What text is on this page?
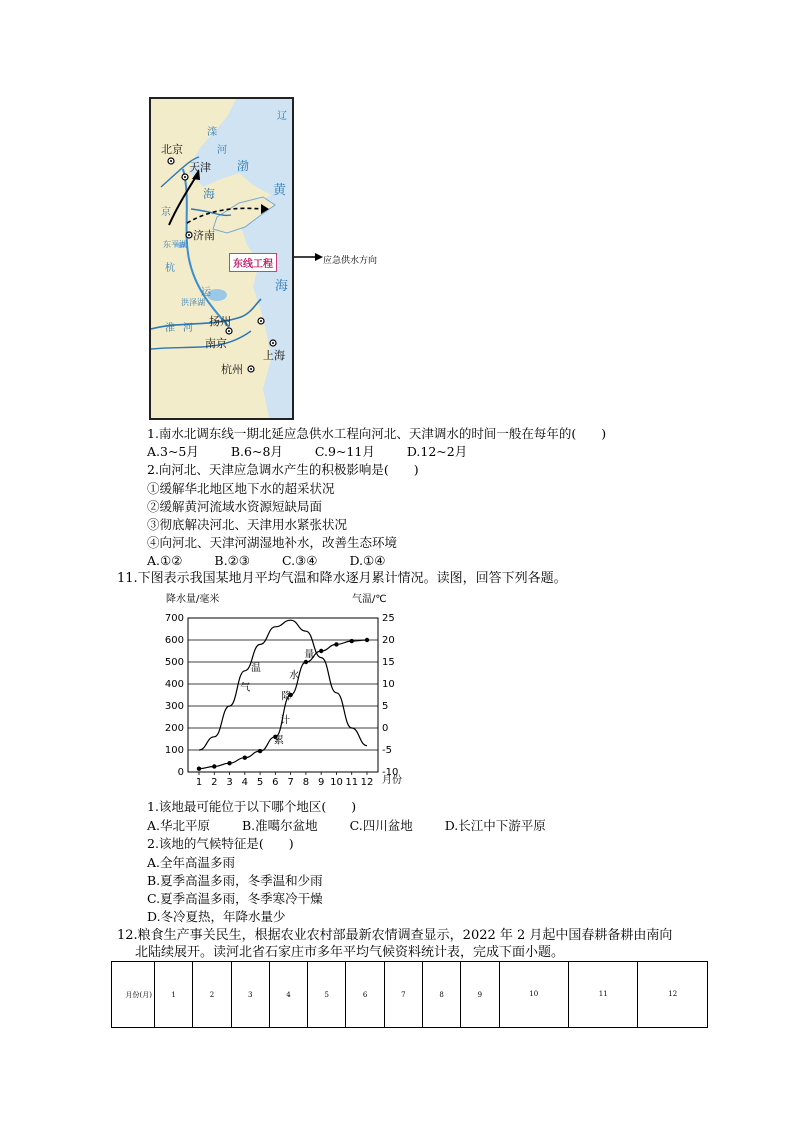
北京
天津
济南
扬州
南京
上海
杭州
滦
河
渤
海	黄
海
辽
京
杭
运
淮 河
东平湖
洪泽湖
东线工程	应急供水方向
1.南水北调东线一期北延应急供水工程向河北、天津调水的时间一般在每年的(　　)
A.3~5月	B.6~8月	C.9~11月	D.12~2月
2.向河北、天津应急调水产生的积极影响是(　　)
①缓解华北地区地下水的超采状况
②缓解黄河流域水资源短缺局面
③彻底解决河北、天津用水紧张状况
④向河北、天津河湖湿地补水，改善生态环境
A.①②	B.②③	C.③④	D.①④
11.下图表示我国某地月平均气温和降水逐月累计情况。读图，回答下列各题。
降水量/毫米	气温/℃
月份
0
100
200
300
400
500
600
700
-10
-5
0
5
10
15
20
25
1 2 3 4 5 6 7 8 9 10 11 12
气
温
累
计
降
水
量
1.该地最可能位于以下哪个地区(　　)
A.华北平原	B.准噶尔盆地	C.四川盆地	D.长江中下游平原
2.该地的气候特征是(　　)
A.全年高温多雨
B.夏季高温多雨，冬季温和少雨
C.夏季高温多雨，冬季寒冷干燥
D.冬冷夏热，年降水量少
12.粮食生产事关民生，根据农业农村部最新农情调查显示，2022 年 2 月起中国春耕备耕由南向
北陆续展开。读河北省石家庄市多年平均气候资料统计表，完成下面小题。
月份(月)	1	2	3	4	5	6	7	8	9	10	11	12
